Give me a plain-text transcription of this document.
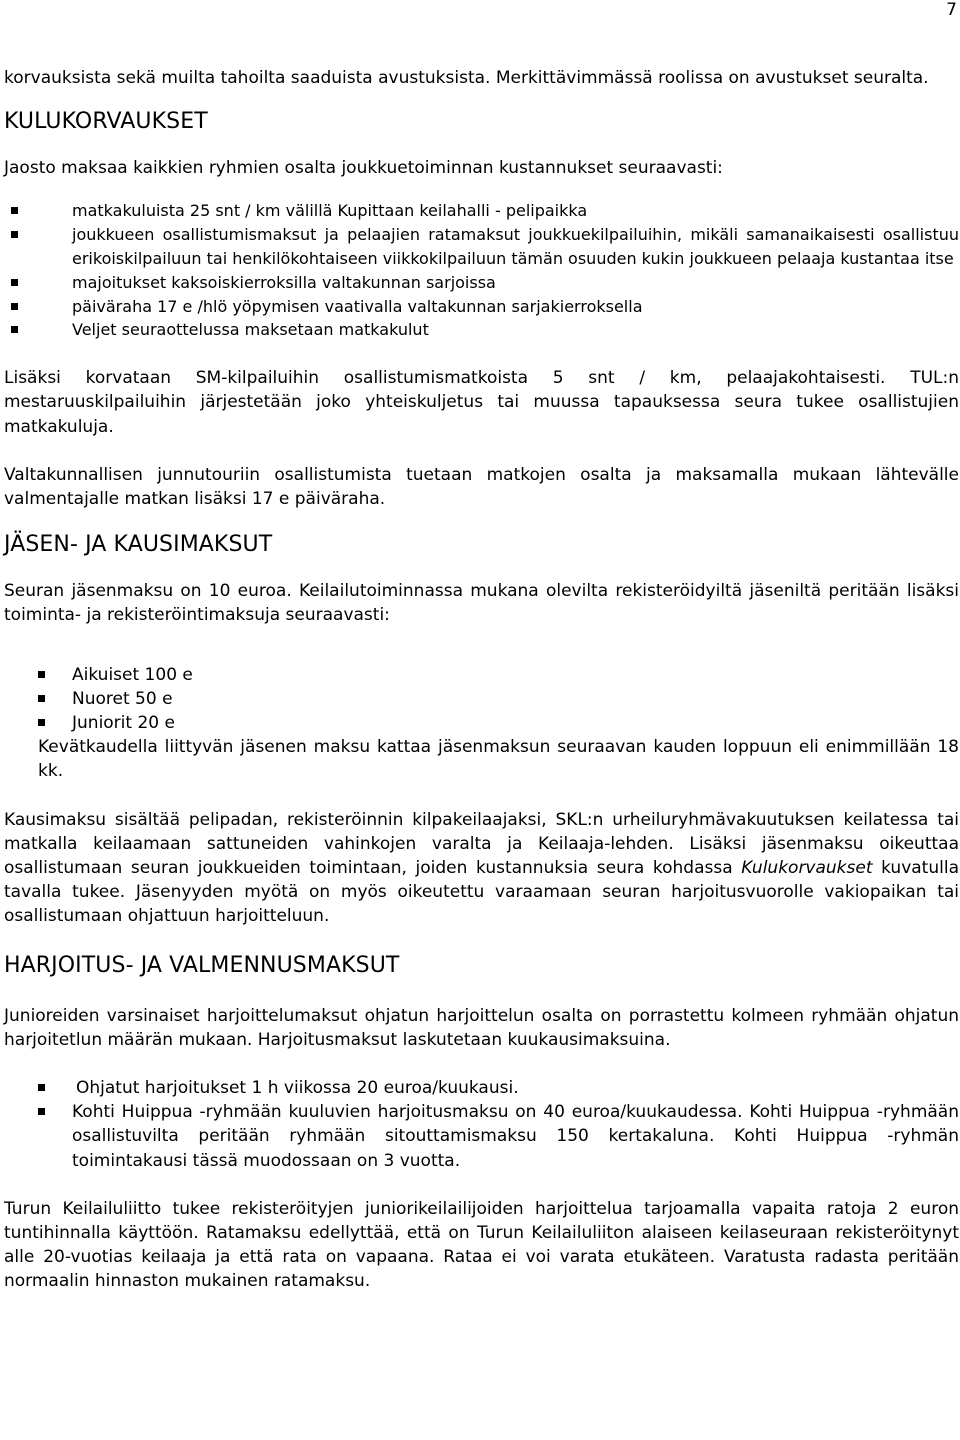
7

korvauksista sekä muilta tahoilta saaduista avustuksista. Merkittävimmässä roolissa on avustukset seuralta.

KULUKORVAUKSET

Jaosto maksaa kaikkien ryhmien osalta joukkuetoiminnan kustannukset seuraavasti:

matkakuluista 25 snt / km välillä Kupittaan keilahalli - pelipaikka
joukkueen osallistumismaksut ja pelaajien ratamaksut joukkuekilpailuihin, mikäli samanaikaisesti osallistuu erikoiskilpailuun tai henkilökohtaiseen viikkokilpailuun tämän osuuden kukin joukkueen pelaaja kustantaa itse
majoitukset kaksoiskierroksilla valtakunnan sarjoissa
päiväraha 17 e /hlö yöpymisen vaativalla valtakunnan sarjakierroksella
Veljet seuraottelussa maksetaan matkakulut

Lisäksi korvataan SM-kilpailuihin osallistumismatkoista 5 snt / km, pelaajakohtaisesti. TUL:n mestaruuskilpailuihin järjestetään joko yhteiskuljetus tai muussa tapauksessa seura tukee osallistujien matkakuluja.

Valtakunnallisen junnutouriin osallistumista tuetaan matkojen osalta ja maksamalla mukaan lähtevälle valmentajalle matkan lisäksi 17 e päiväraha.

JÄSEN- JA KAUSIMAKSUT

Seuran jäsenmaksu on 10 euroa. Keilailutoiminnassa mukana olevilta rekisteröidyiltä jäseniltä peritään lisäksi toiminta- ja rekisteröintimaksuja seuraavasti:

Aikuiset 100 e
Nuoret 50 e
Juniorit 20 e

Kevätkaudella liittyvän jäsenen maksu kattaa jäsenmaksun seuraavan kauden loppuun eli enimmillään 18 kk.

Kausimaksu sisältää pelipadan, rekisteröinnin kilpakeilaajaksi, SKL:n urheiluryhmävakuutuksen keilatessa tai matkalla keilaamaan sattuneiden vahinkojen varalta ja Keilaaja-lehden. Lisäksi jäsenmaksu oikeuttaa osallistumaan seuran joukkueiden toimintaan, joiden kustannuksia seura kohdassa Kulukorvaukset kuvatulla tavalla tukee. Jäsenyyden myötä on myös oikeutettu varaamaan seuran harjoitusvuorolle vakiopaikan tai osallistumaan ohjattuun harjoitteluun.

HARJOITUS- JA VALMENNUSMAKSUT

Junioreiden varsinaiset harjoittelumaksut ohjatun harjoittelun osalta on porrastettu kolmeen ryhmään ohjatun harjoitetlun määrän mukaan. Harjoitusmaksut laskutetaan kuukausimaksuina.

Ohjatut harjoitukset 1 h viikossa 20 euroa/kuukausi.
Kohti Huippua -ryhmään kuuluvien harjoitusmaksu on 40 euroa/kuukaudessa. Kohti Huippua -ryhmään osallistuvilta peritään ryhmään sitouttamismaksu 150 kertakaluna. Kohti Huippua -ryhmän toimintakausi tässä muodossaan on 3 vuotta.

Turun Keilailuliitto tukee rekisteröityjen juniorikeilailijoiden harjoittelua tarjoamalla vapaita ratoja 2 euron tuntihinnalla käyttöön. Ratamaksu edellyttää, että on Turun Keilailuliiton alaiseen keilaseuraan rekisteröitynyt alle 20-vuotias keilaaja ja että rata on vapaana. Rataa ei voi varata etukäteen. Varatusta radasta peritään normaalin hinnaston mukainen ratamaksu.
